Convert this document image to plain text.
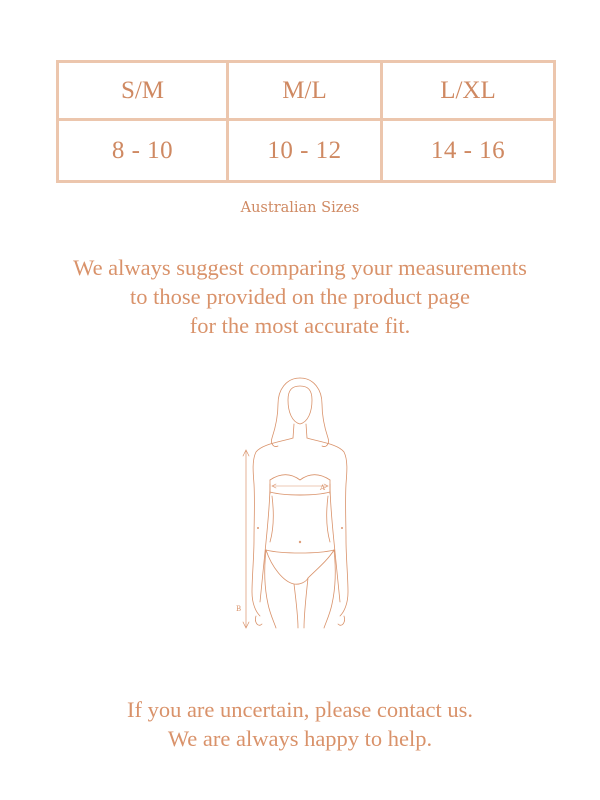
S/M	M/L	L/XL
8 - 10	10 - 12	14 - 16
Australian Sizes
We always suggest comparing your measurements
to those provided on the product page
for the most accurate fit.
A
B
If you are uncertain, please contact us.
We are always happy to help.
